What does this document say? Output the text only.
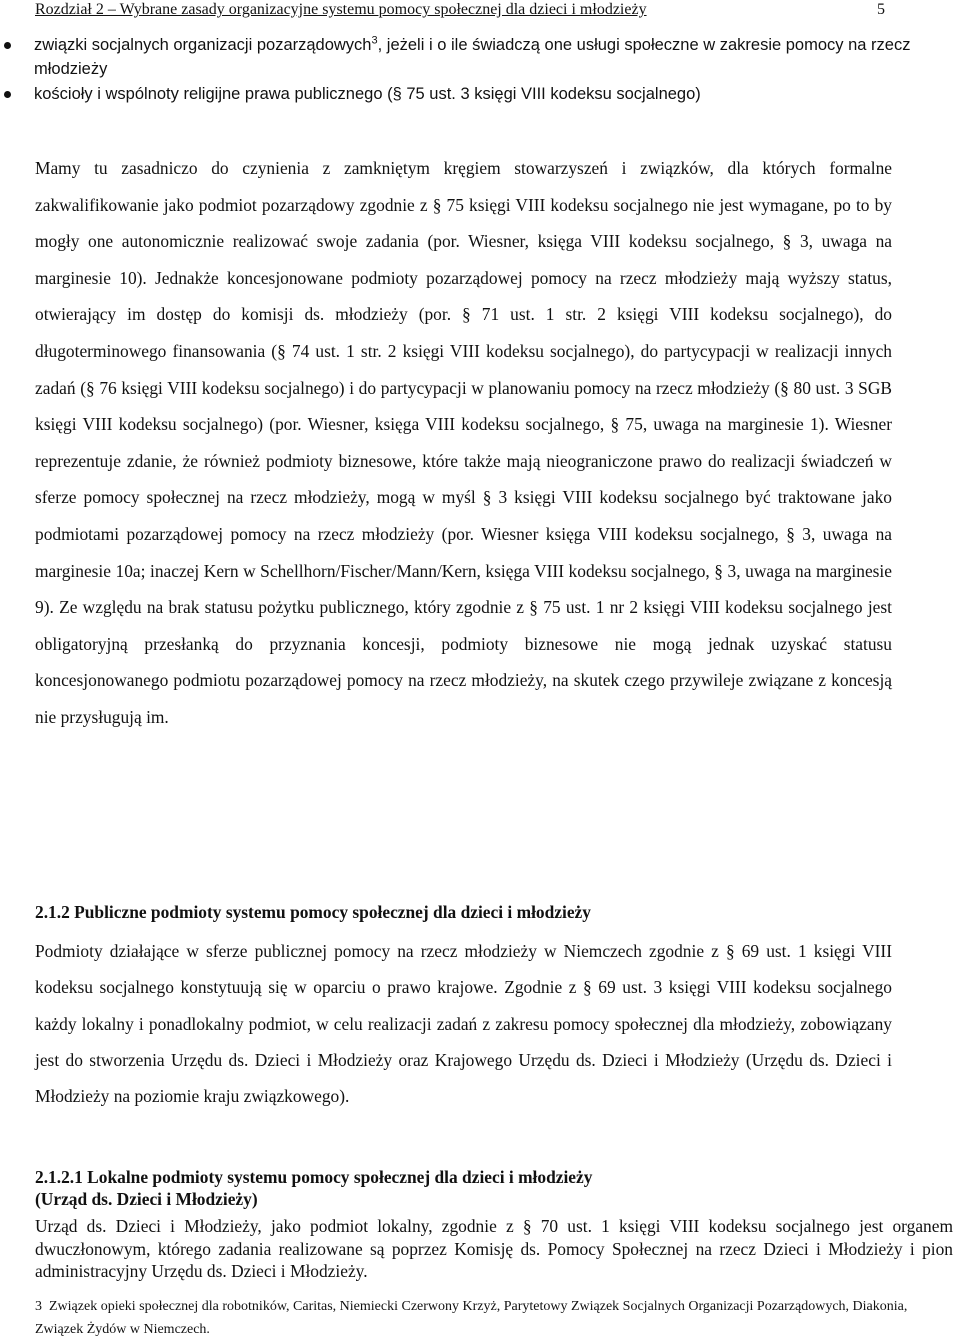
Rozdział 2 – Wybrane zasady organizacyjne systemu pomocy społecznej dla dzieci i młodzieży	5
związki socjalnych organizacji pozarządowych$^3$, jeżeli i o ile świadczą one usługi społeczne w zakresie pomocy na rzecz młodzieży
kościoły i wspólnoty religijne prawa publicznego (§ 75 ust. 3 księgi VIII kodeksu socjalnego)
Mamy tu zasadniczo do czynienia z zamkniętym kręgiem stowarzyszeń i związków, dla których formalne zakwalifikowanie jako podmiot pozarządowy zgodnie z § 75 księgi VIII kodeksu socjalnego nie jest wymagane, po to by mogły one autonomicznie realizować swoje zadania (por. Wiesner, księga VIII kodeksu socjalnego, § 3, uwaga na marginesie 10). Jednakże koncesjonowane podmioty pozarządowej pomocy na rzecz młodzieży mają wyższy status, otwierający im dostęp do komisji ds. młodzieży (por. § 71 ust. 1 str. 2 księgi VIII kodeksu socjalnego), do długoterminowego finansowania (§ 74 ust. 1 str. 2 księgi VIII kodeksu socjalnego), do partycypacji w realizacji innych zadań (§ 76 księgi VIII kodeksu socjalnego) i do partycypacji w planowaniu pomocy na rzecz młodzieży (§ 80 ust. 3 SGB księgi VIII kodeksu socjalnego) (por. Wiesner, księga VIII kodeksu socjalnego, § 75, uwaga na marginesie 1). Wiesner reprezentuje zdanie, że również podmioty biznesowe, które także mają nieograniczone prawo do realizacji świadczeń w sferze pomocy społecznej na rzecz młodzieży, mogą w myśl § 3 księgi VIII kodeksu socjalnego być traktowane jako podmiotami pozarządowej pomocy na rzecz młodzieży (por. Wiesner księga VIII kodeksu socjalnego, § 3, uwaga na marginesie 10a; inaczej Kern w Schellhorn/Fischer/Mann/Kern, księga VIII kodeksu socjalnego, § 3, uwaga na marginesie 9). Ze względu na brak statusu pożytku publicznego, który zgodnie z § 75 ust. 1 nr 2 księgi VIII kodeksu socjalnego jest obligatoryjną przesłanką do przyznania koncesji, podmioty biznesowe nie mogą jednak uzyskać statusu koncesjonowanego podmiotu pozarządowej pomocy na rzecz młodzieży, na skutek czego przywileje związane z koncesją nie przysługują im.
2.1.2 Publiczne podmioty systemu pomocy społecznej dla dzieci i młodzieży
Podmioty działające w sferze publicznej pomocy na rzecz młodzieży w Niemczech zgodnie z § 69 ust. 1 księgi VIII kodeksu socjalnego konstytuują się w oparciu o prawo krajowe. Zgodnie z § 69 ust. 3 księgi VIII kodeksu socjalnego każdy lokalny i ponadlokalny podmiot, w celu realizacji zadań z zakresu pomocy społecznej dla młodzieży, zobowiązany jest do stworzenia Urzędu ds. Dzieci i Młodzieży oraz Krajowego Urzędu ds. Dzieci i Młodzieży (Urzędu ds. Dzieci i Młodzieży na poziomie kraju związkowego).
2.1.2.1 Lokalne podmioty systemu pomocy społecznej dla dzieci i młodzieży
(Urząd ds. Dzieci i Młodzieży)
Urząd ds. Dzieci i Młodzieży, jako podmiot lokalny, zgodnie z § 70 ust. 1 księgi VIII kodeksu socjalnego jest organem dwuczłonowym, którego zadania realizowane są poprzez Komisję ds. Pomocy Społecznej na rzecz Dzieci i Młodzieży i pion administracyjny Urzędu ds. Dzieci i Młodzieży.
3 Związek opieki społecznej dla robotników, Caritas, Niemiecki Czerwony Krzyż, Parytetowy Związek Socjalnych Organizacji Pozarządowych, Diakonia, Związek Żydów w Niemczech.
